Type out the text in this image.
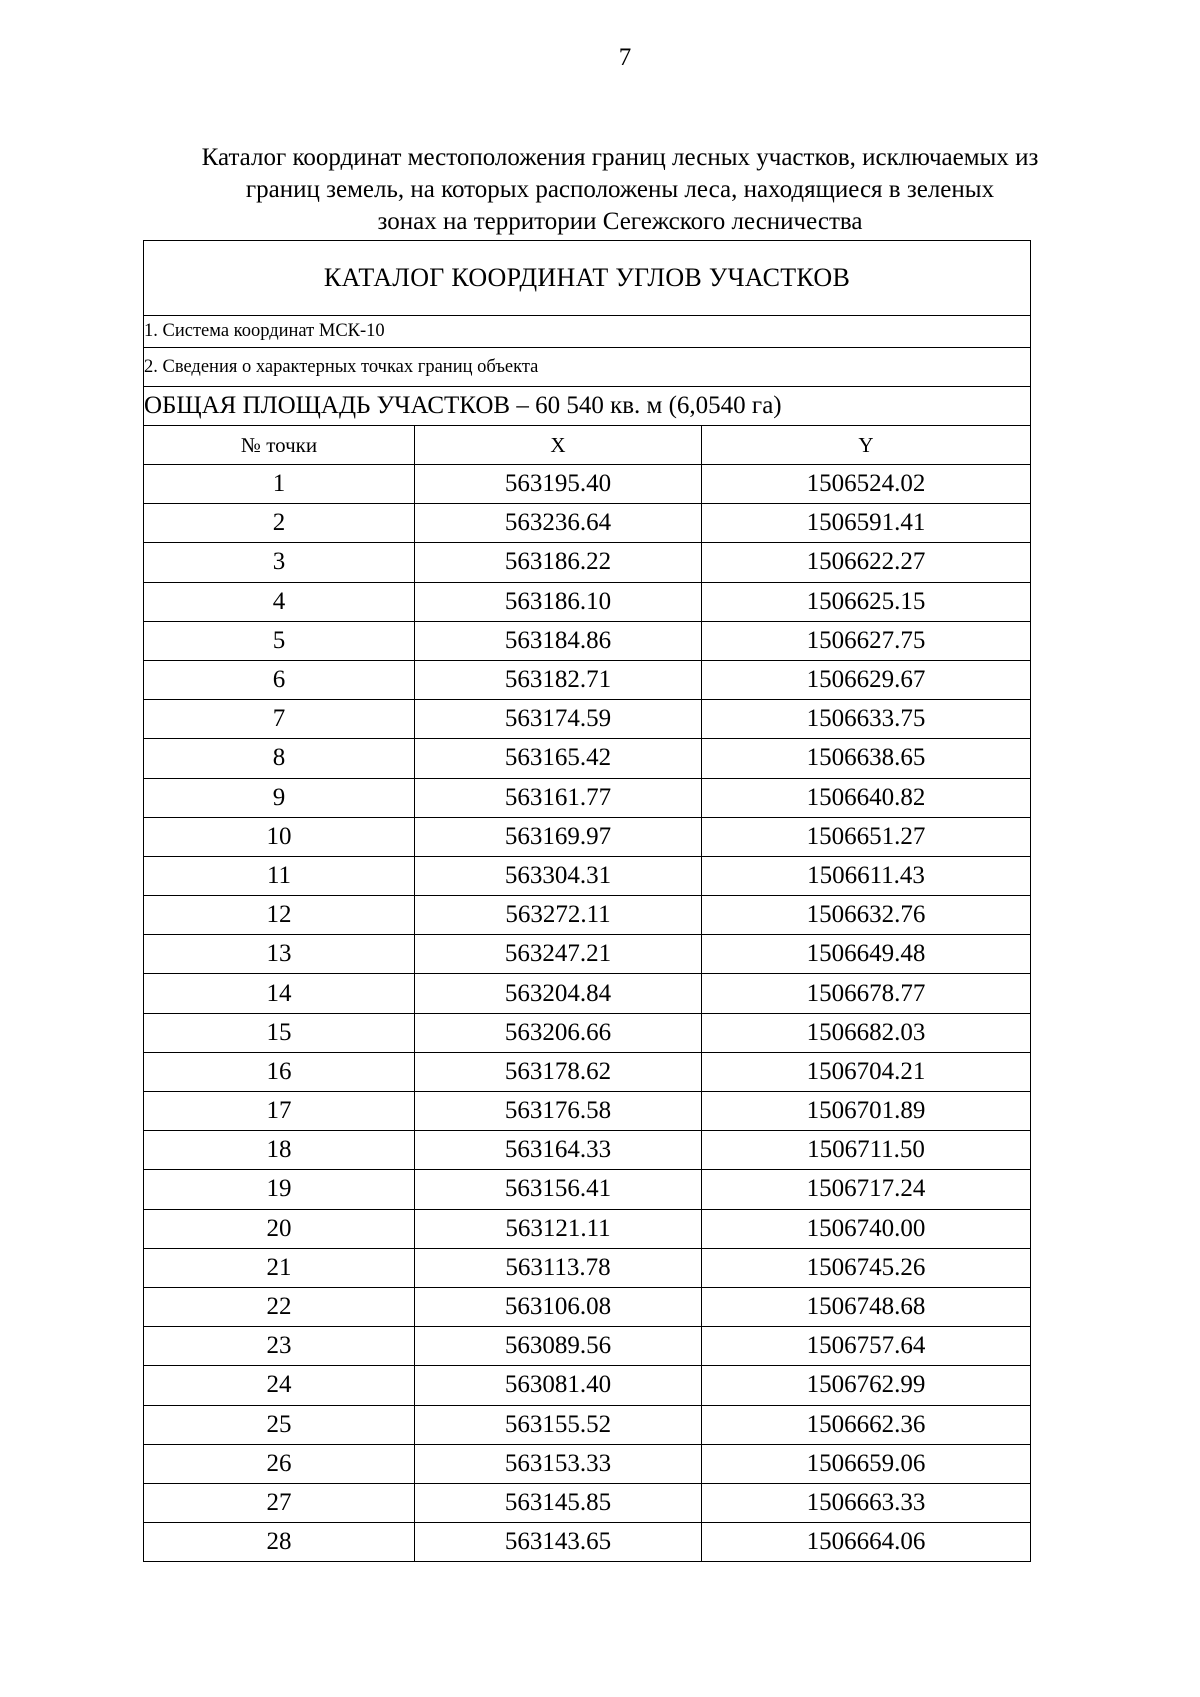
7
Каталог координат местоположения границ лесных участков, исключаемых из
границ земель, на которых расположены леса, находящиеся в зеленых
зонах на территории Сегежского лесничества
КАТАЛОГ КООРДИНАТ УГЛОВ УЧАСТКОВ		
1. Система координат МСК-10		
2. Сведения о характерных точках границ объекта		
ОБЩАЯ ПЛОЩАДЬ УЧАСТКОВ – 60 540 кв. м (6,0540 га)		
№ точки	X	Y
1	563195.40	1506524.02
2	563236.64	1506591.41
3	563186.22	1506622.27
4	563186.10	1506625.15
5	563184.86	1506627.75
6	563182.71	1506629.67
7	563174.59	1506633.75
8	563165.42	1506638.65
9	563161.77	1506640.82
10	563169.97	1506651.27
11	563304.31	1506611.43
12	563272.11	1506632.76
13	563247.21	1506649.48
14	563204.84	1506678.77
15	563206.66	1506682.03
16	563178.62	1506704.21
17	563176.58	1506701.89
18	563164.33	1506711.50
19	563156.41	1506717.24
20	563121.11	1506740.00
21	563113.78	1506745.26
22	563106.08	1506748.68
23	563089.56	1506757.64
24	563081.40	1506762.99
25	563155.52	1506662.36
26	563153.33	1506659.06
27	563145.85	1506663.33
28	563143.65	1506664.06
